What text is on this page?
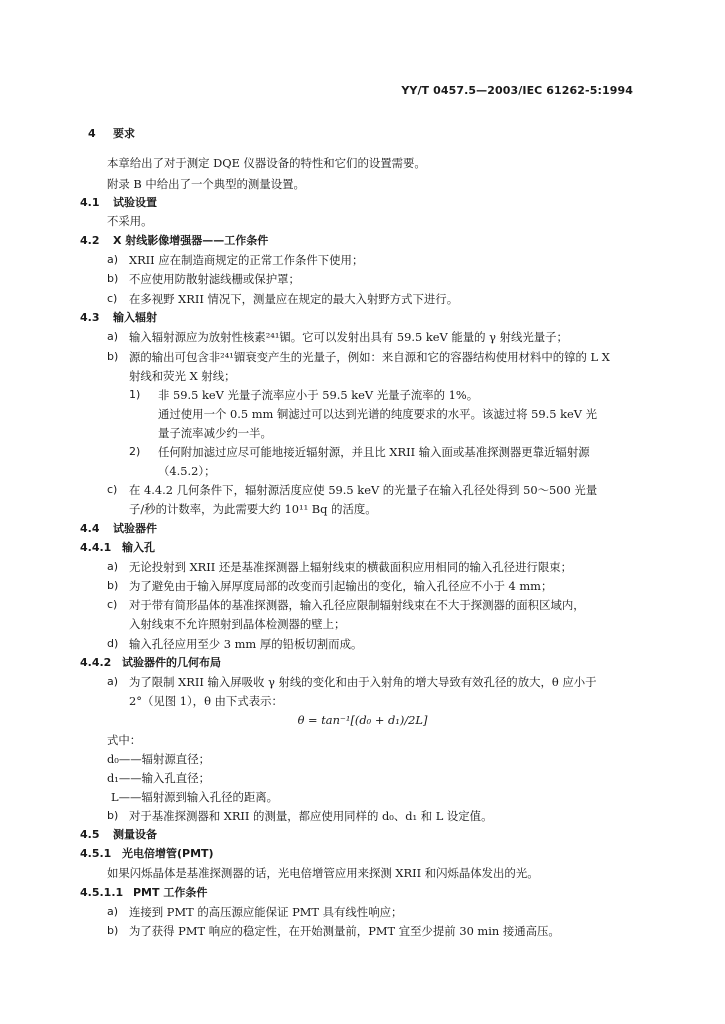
YY/T 0457.5—2003/IEC 61262-5:1994
4 要求
本章给出了对于测定 DQE 仪器设备的特性和它们的设置需要。
附录 B 中给出了一个典型的测量设置。
4.1 试验设置
不采用。
4.2 X 射线影像增强器——工作条件
a) XRII 应在制造商规定的正常工作条件下使用；
b) 不应使用防散射滤线栅或保护罩；
c) 在多视野 XRII 情况下，测量应在规定的最大入射野方式下进行。
4.3 输入辐射
a) 输入辐射源应为放射性核素²⁴¹镅。它可以发射出具有 59.5 keV 能量的 γ 射线光量子；
b) 源的输出可包含非²⁴¹镅衰变产生的光量子，例如：来自源和它的容器结构使用材料中的镎的 L X
射线和荧光 X 射线；
1) 非 59.5 keV 光量子流率应小于 59.5 keV 光量子流率的 1%。
通过使用一个 0.5 mm 铜滤过可以达到光谱的纯度要求的水平。该滤过将 59.5 keV 光
量子流率减少约一半。
2) 任何附加滤过应尽可能地接近辐射源，并且比 XRII 输入面或基准探测器更靠近辐射源
（4.5.2）；
c) 在 4.4.2 几何条件下，辐射源活度应使 59.5 keV 的光量子在输入孔径处得到 50～500 光量
子/秒的计数率，为此需要大约 10¹¹ Bq 的活度。
4.4 试验器件
4.4.1 输入孔
a) 无论投射到 XRII 还是基准探测器上辐射线束的横截面积应用相同的输入孔径进行限束；
b) 为了避免由于输入屏厚度局部的改变而引起输出的变化，输入孔径应不小于 4 mm；
c) 对于带有简形晶体的基准探测器，输入孔径应限制辐射线束在不大于探测器的面积区域内，
入射线束不允许照射到晶体检测器的壁上；
d) 输入孔径应用至少 3 mm 厚的铅板切割而成。
4.4.2 试验器件的几何布局
a) 为了限制 XRII 输入屏吸收 γ 射线的变化和由于入射角的增大导致有效孔径的放大，θ 应小于
2°（见图 1），θ 由下式表示：
θ = tan⁻¹[(d₀ + d₁)/2L]
式中：
d₀——辐射源直径；
d₁——输入孔直径；
L——辐射源到输入孔径的距离。
b) 对于基准探测器和 XRII 的测量，都应使用同样的 d₀、d₁ 和 L 设定值。
4.5 测量设备
4.5.1 光电倍增管(PMT)
如果闪烁晶体是基准探测器的话，光电倍增管应用来探测 XRII 和闪烁晶体发出的光。
4.5.1.1 PMT 工作条件
a) 连接到 PMT 的高压源应能保证 PMT 具有线性响应；
b) 为了获得 PMT 响应的稳定性，在开始测量前，PMT 宜至少提前 30 min 接通高压。
